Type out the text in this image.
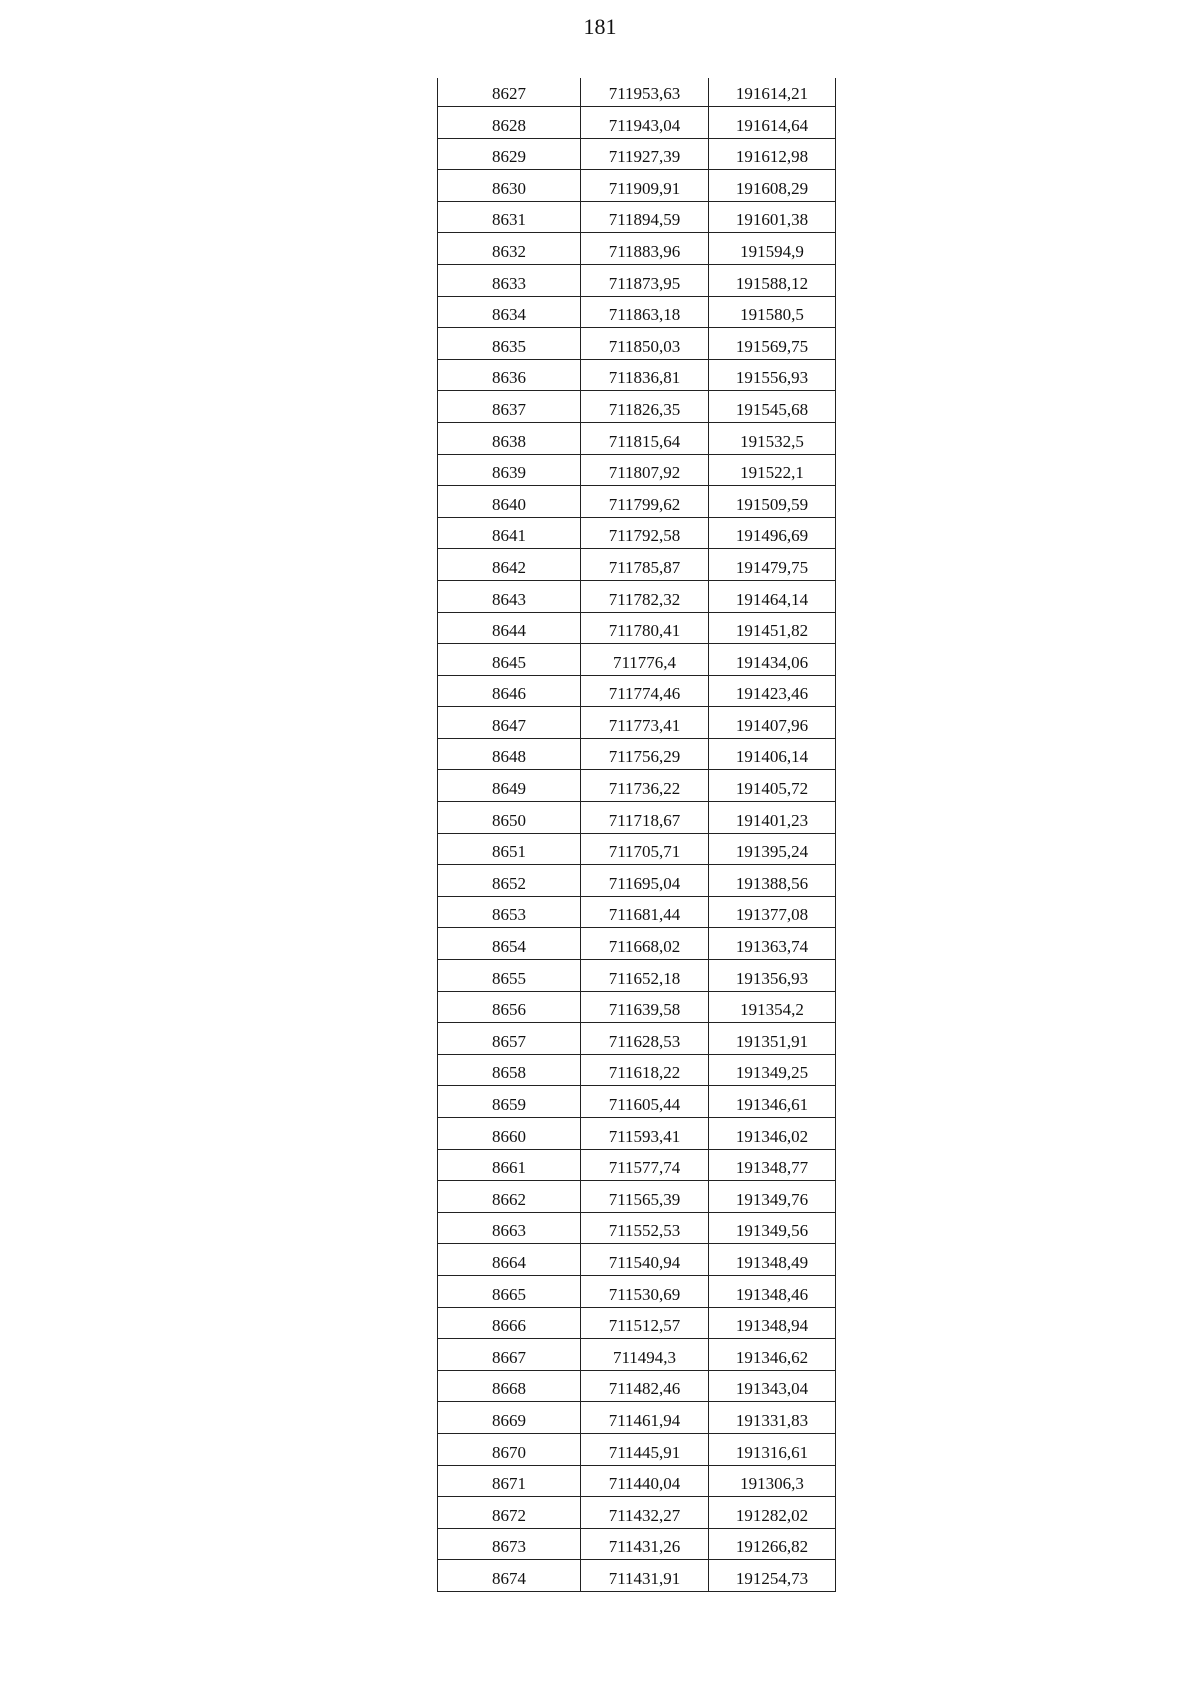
181
8627	711953,63	191614,21
8628	711943,04	191614,64
8629	711927,39	191612,98
8630	711909,91	191608,29
8631	711894,59	191601,38
8632	711883,96	191594,9
8633	711873,95	191588,12
8634	711863,18	191580,5
8635	711850,03	191569,75
8636	711836,81	191556,93
8637	711826,35	191545,68
8638	711815,64	191532,5
8639	711807,92	191522,1
8640	711799,62	191509,59
8641	711792,58	191496,69
8642	711785,87	191479,75
8643	711782,32	191464,14
8644	711780,41	191451,82
8645	711776,4	191434,06
8646	711774,46	191423,46
8647	711773,41	191407,96
8648	711756,29	191406,14
8649	711736,22	191405,72
8650	711718,67	191401,23
8651	711705,71	191395,24
8652	711695,04	191388,56
8653	711681,44	191377,08
8654	711668,02	191363,74
8655	711652,18	191356,93
8656	711639,58	191354,2
8657	711628,53	191351,91
8658	711618,22	191349,25
8659	711605,44	191346,61
8660	711593,41	191346,02
8661	711577,74	191348,77
8662	711565,39	191349,76
8663	711552,53	191349,56
8664	711540,94	191348,49
8665	711530,69	191348,46
8666	711512,57	191348,94
8667	711494,3	191346,62
8668	711482,46	191343,04
8669	711461,94	191331,83
8670	711445,91	191316,61
8671	711440,04	191306,3
8672	711432,27	191282,02
8673	711431,26	191266,82
8674	711431,91	191254,73
